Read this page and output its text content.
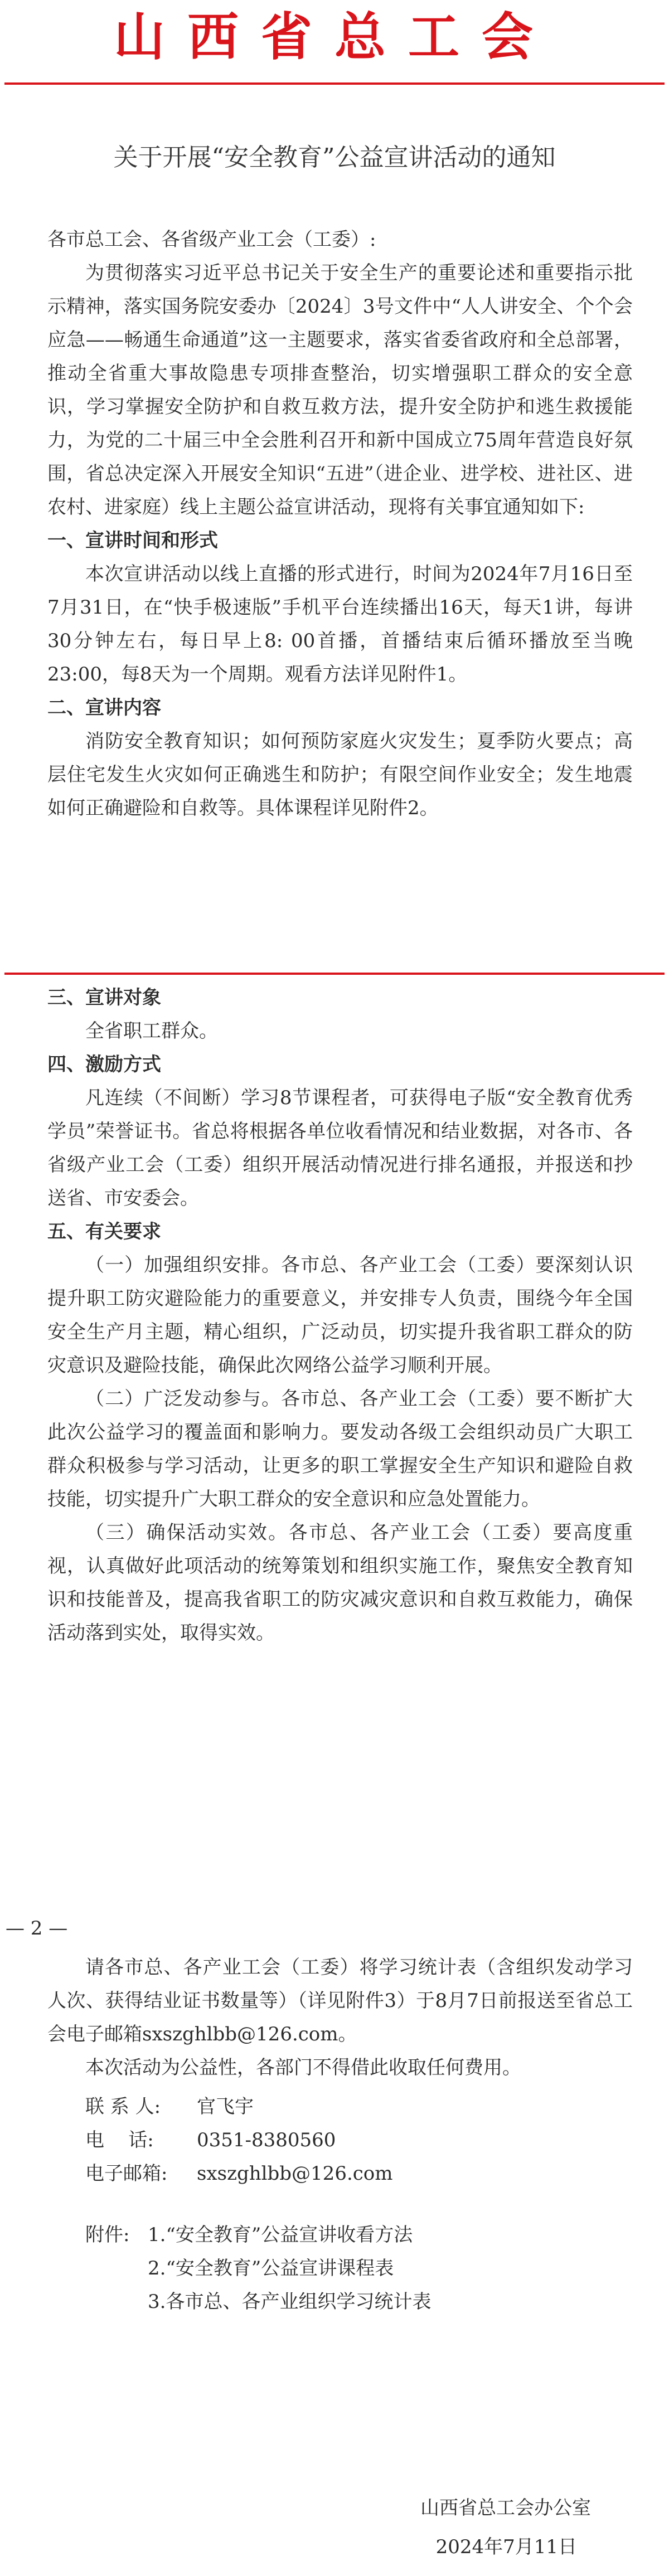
山西省总工会
关于开展“安全教育”公益宣讲活动的通知

各市总工会、各省级产业工会（工委）:

为贯彻落实习近平总书记关于安全生产的重要论述和重要指示批示精神，落实国务院安委办〔2024〕3号文件中“人人讲安全、个个会应急——畅通生命通道”这一主题要求，落实省委省政府和全总部署，推动全省重大事故隐患专项排查整治，切实增强职工群众的安全意识，学习掌握安全防护和自救互救方法，提升安全防护和逃生救援能力，为党的二十届三中全会胜利召开和新中国成立75周年营造良好氛围，省总决定深入开展安全知识“五进”（进企业、进学校、进社区、进农村、进家庭）线上主题公益宣讲活动，现将有关事宜通知如下:

一、宣讲时间和形式

本次宣讲活动以线上直播的形式进行，时间为2024年7月16日至7月31日，在“快手极速版”手机平台连续播出16天，每天1讲，每讲30分钟左右，每日早上8: 00首播，首播结束后循环播放至当晚23:00，每8天为一个周期。观看方法详见附件1。

二、宣讲内容

消防安全教育知识；如何预防家庭火灾发生；夏季防火要点；高层住宅发生火灾如何正确逃生和防护；有限空间作业安全；发生地震如何正确避险和自救等。具体课程详见附件2。

三、宣讲对象

全省职工群众。

四、激励方式

凡连续（不间断）学习8节课程者，可获得电子版“安全教育优秀学员”荣誉证书。省总将根据各单位收看情况和结业数据，对各市、各省级产业工会（工委）组织开展活动情况进行排名通报，并报送和抄送省、市安委会。

五、有关要求

（一）加强组织安排。各市总、各产业工会（工委）要深刻认识提升职工防灾避险能力的重要意义，并安排专人负责，围绕今年全国安全生产月主题，精心组织，广泛动员，切实提升我省职工群众的防灾意识及避险技能，确保此次网络公益学习顺利开展。

（二）广泛发动参与。各市总、各产业工会（工委）要不断扩大此次公益学习的覆盖面和影响力。要发动各级工会组织动员广大职工群众积极参与学习活动，让更多的职工掌握安全生产知识和避险自救技能，切实提升广大职工群众的安全意识和应急处置能力。

（三）确保活动实效。各市总、各产业工会（工委）要高度重视，认真做好此项活动的统筹策划和组织实施工作，聚焦安全教育知识和技能普及，提高我省职工的防灾减灾意识和自救互救能力，确保活动落到实处，取得实效。

— 2 —

请各市总、各产业工会（工委）将学习统计表（含组织发动学习人次、获得结业证书数量等）（详见附件3）于8月7日前报送至省总工会电子邮箱sxszghlbb@126.com。

本次活动为公益性，各部门不得借此收取任何费用。

联 系 人:	官飞宇
电    话:	0351-8380560
电子邮箱:	sxszghlbb@126.com
附件: 1.“安全教育”公益宣讲收看方法
2.“安全教育”公益宣讲课程表
3.各市总、各产业组织学习统计表
山西省总工会办公室
2024年7月11日
